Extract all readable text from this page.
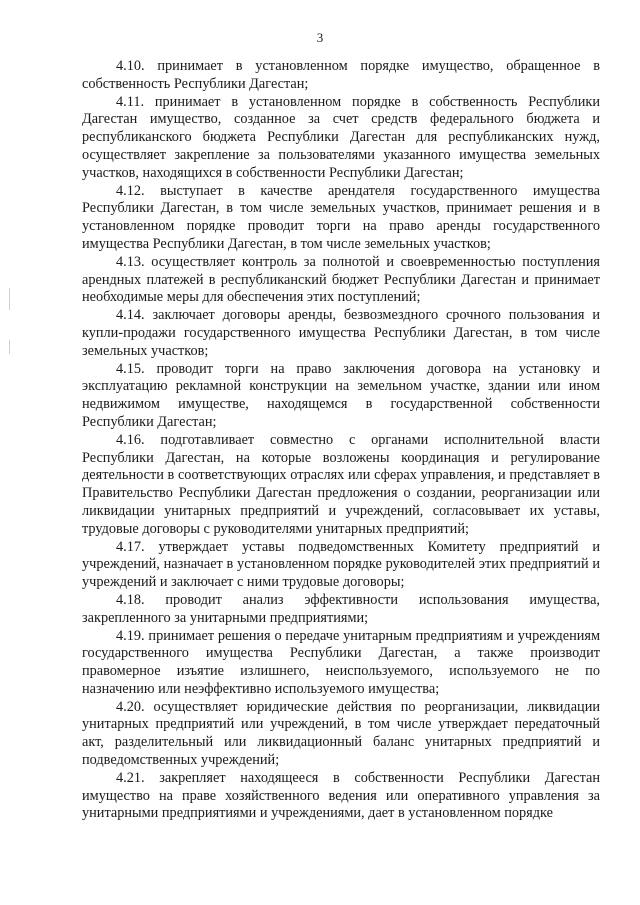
3

4.10. принимает в установленном порядке имущество, обращенное в собственность Республики Дагестан;

4.11. принимает в установленном порядке в собственность Республики Дагестан имущество, созданное за счет средств федерального бюджета и республиканского бюджета Республики Дагестан для республиканских нужд, осуществляет закрепление за пользователями указанного имущества земельных участков, находящихся в собственности Республики Дагестан;

4.12. выступает в качестве арендателя государственного имущества Республики Дагестан, в том числе земельных участков, принимает решения и в установленном порядке проводит торги на право аренды государственного имущества Республики Дагестан, в том числе земельных участков;

4.13. осуществляет контроль за полнотой и своевременностью поступления арендных платежей в республиканский бюджет Республики Дагестан и принимает необходимые меры для обеспечения этих поступлений;

4.14. заключает договоры аренды, безвозмездного срочного пользования и купли-продажи государственного имущества Республики Дагестан, в том числе земельных участков;

4.15. проводит торги на право заключения договора на установку и эксплуатацию рекламной конструкции на земельном участке, здании или ином недвижимом имуществе, находящемся в государственной собственности Республики Дагестан;

4.16. подготавливает совместно с органами исполнительной власти Республики Дагестан, на которые возложены координация и регулирование деятельности в соответствующих отраслях или сферах управления, и представляет в Правительство Республики Дагестан предложения о создании, реорганизации или ликвидации унитарных предприятий и учреждений, согласовывает их уставы, трудовые договоры с руководителями унитарных предприятий;

4.17. утверждает уставы подведомственных Комитету предприятий и учреждений, назначает в установленном порядке руководителей этих предприятий и учреждений и заключает с ними трудовые договоры;

4.18. проводит анализ эффективности использования имущества, закрепленного за унитарными предприятиями;

4.19. принимает решения о передаче унитарным предприятиям и учреждениям государственного имущества Республики Дагестан, а также производит правомерное изъятие излишнего, неиспользуемого, используемого не по назначению или неэффективно используемого имущества;

4.20. осуществляет юридические действия по реорганизации, ликвидации унитарных предприятий или учреждений, в том числе утверждает передаточный акт, разделительный или ликвидационный баланс унитарных предприятий и подведомственных учреждений;

4.21. закрепляет находящееся в собственности Республики Дагестан имущество на праве хозяйственного ведения или оперативного управления за унитарными предприятиями и учреждениями, дает в установленном порядке
